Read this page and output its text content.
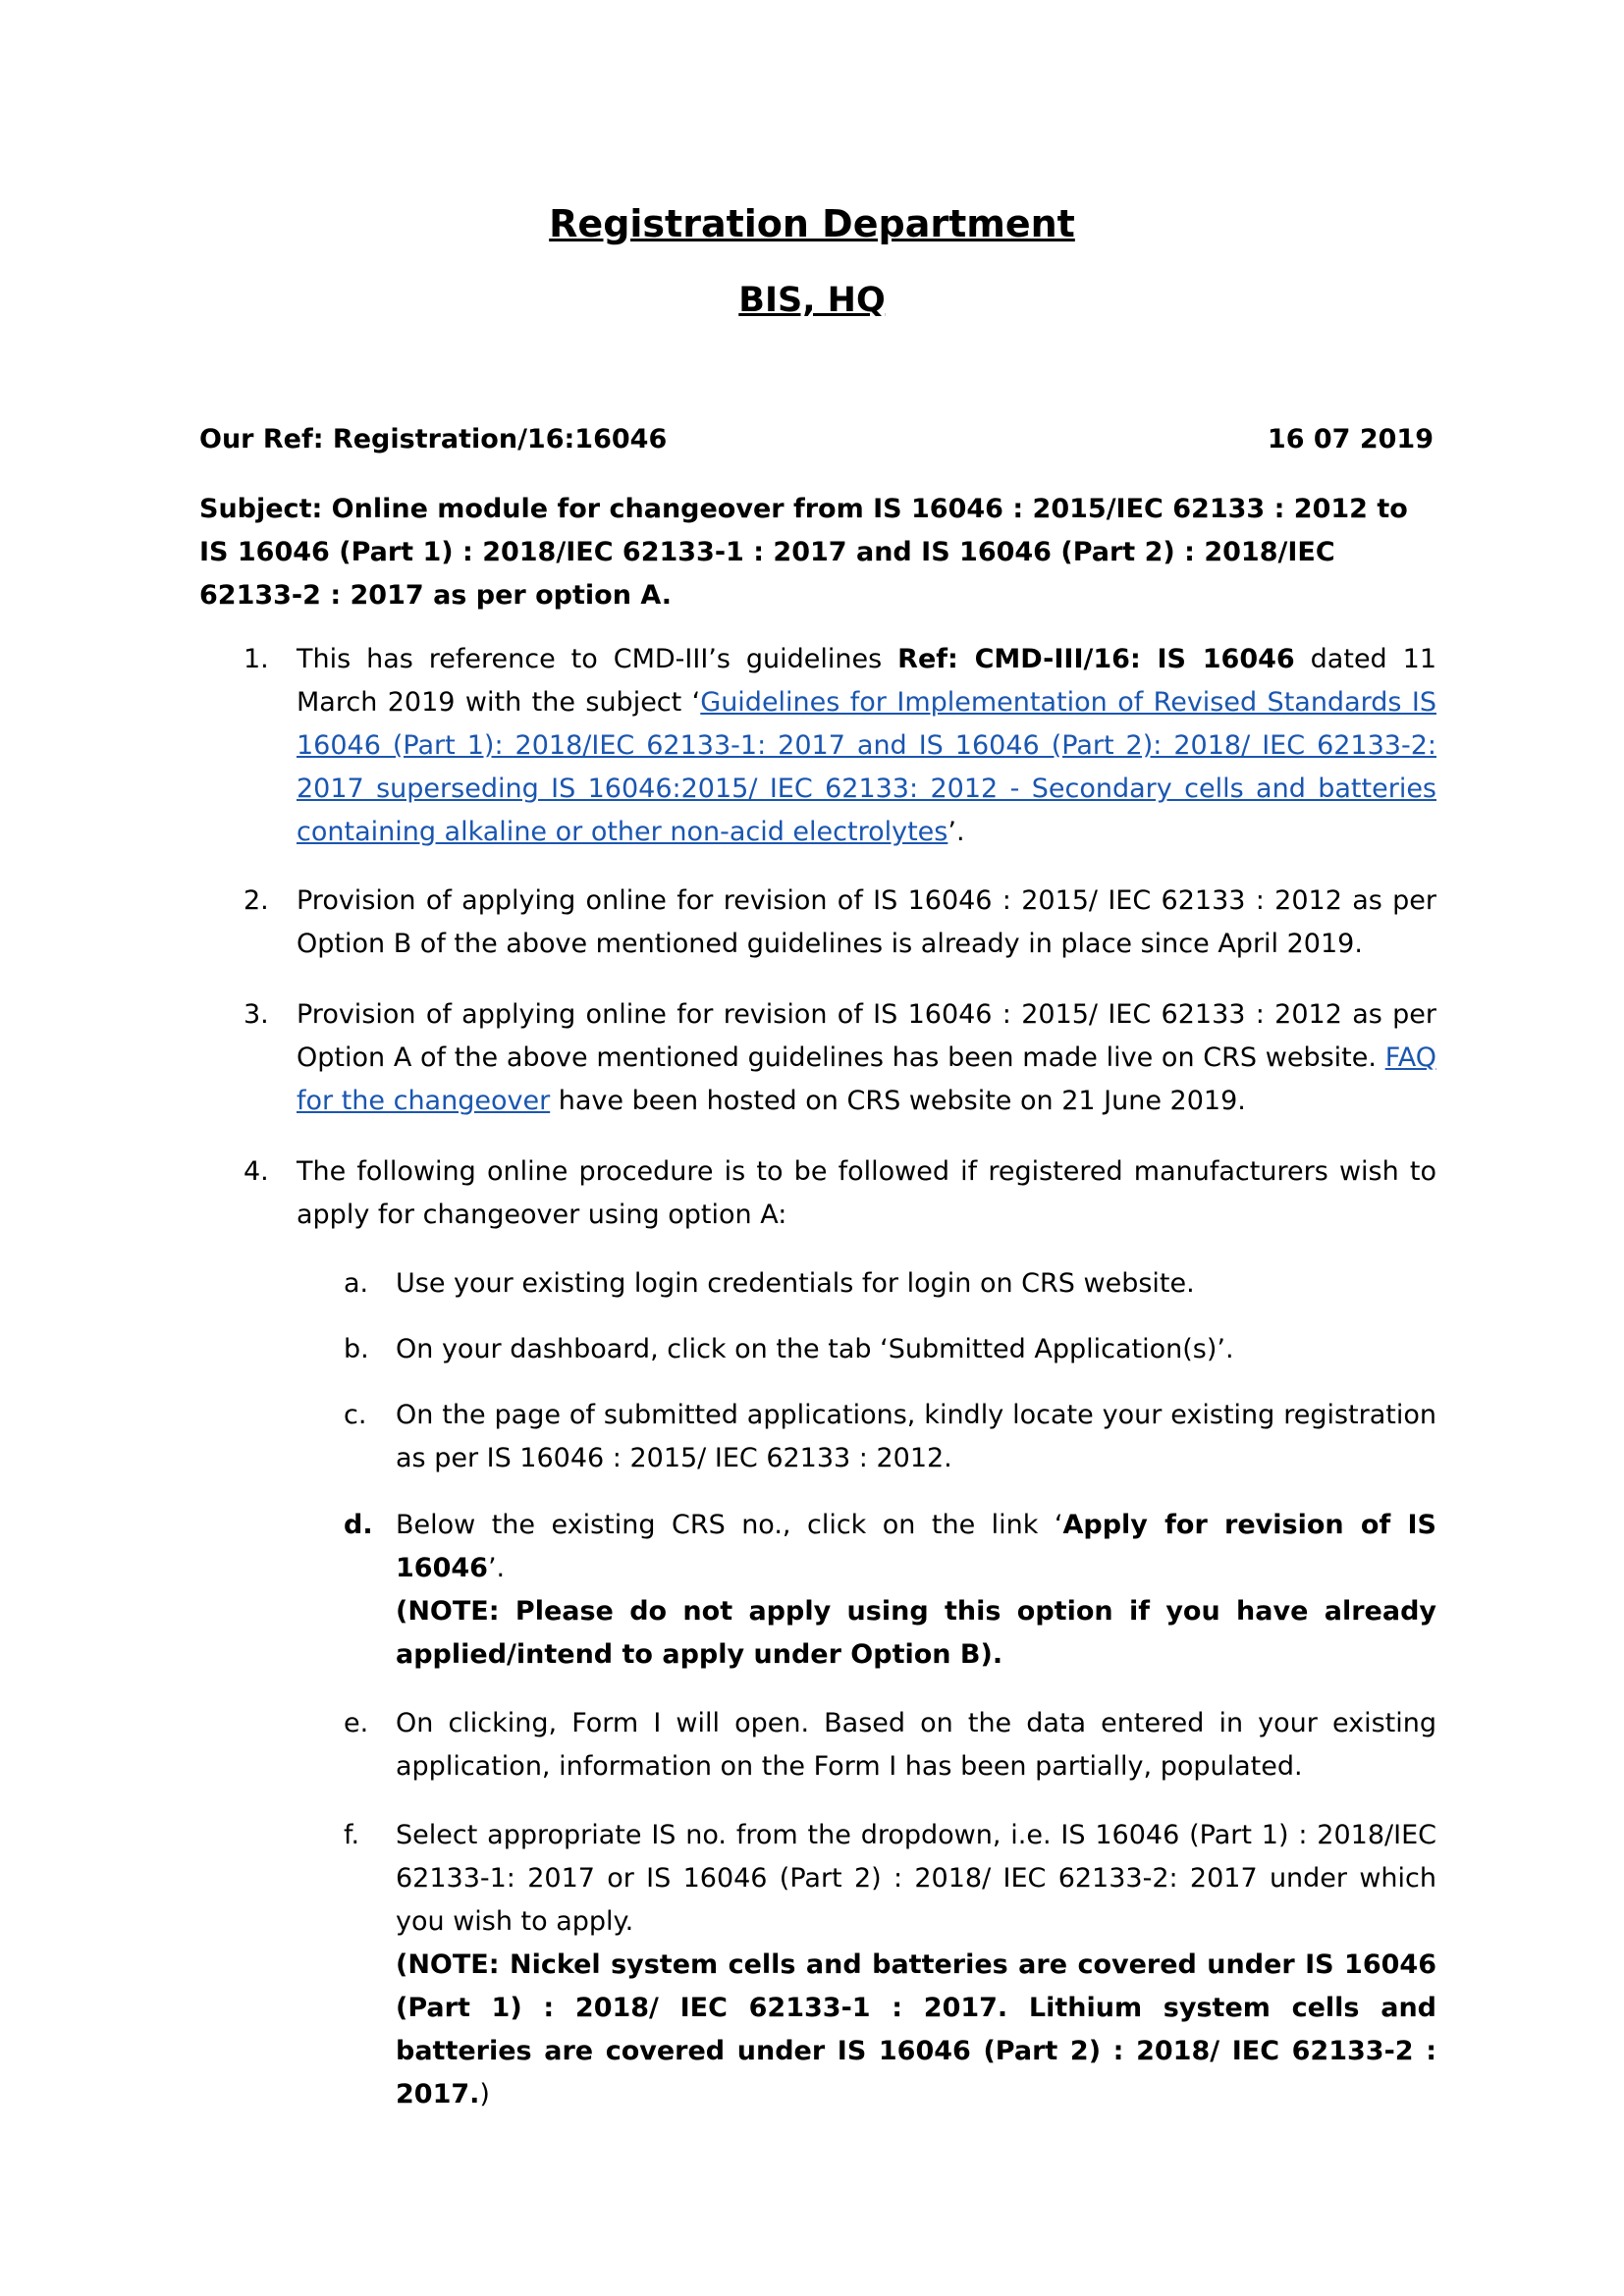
Registration Department
BIS, HQ
Our Ref: Registration/16:16046	16 07 2019
Subject: Online module for changeover from IS 16046 : 2015/IEC 62133 : 2012 to IS 16046 (Part 1) : 2018/IEC 62133-1 : 2017 and IS 16046 (Part 2) : 2018/IEC 62133-2 : 2017 as per option A.
1.	This has reference to CMD-III’s guidelines Ref: CMD-III/16: IS 16046 dated 11 March 2019 with the subject ‘Guidelines for Implementation of Revised Standards IS 16046 (Part 1): 2018/IEC 62133-1: 2017 and IS 16046 (Part 2): 2018/ IEC 62133-2: 2017 superseding IS 16046:2015/ IEC 62133: 2012 - Secondary cells and batteries containing alkaline or other non-acid electrolytes’.
2.	Provision of applying online for revision of IS 16046 : 2015/ IEC 62133 : 2012 as per Option B of the above mentioned guidelines is already in place since April 2019.
3.	Provision of applying online for revision of IS 16046 : 2015/ IEC 62133 : 2012 as per Option A of the above mentioned guidelines has been made live on CRS website. FAQ for the changeover have been hosted on CRS website on 21 June 2019.
4.	The following online procedure is to be followed if registered manufacturers wish to apply for changeover using option A:
a.	Use your existing login credentials for login on CRS website.
b.	On your dashboard, click on the tab ‘Submitted Application(s)’.
c.	On the page of submitted applications, kindly locate your existing registration as per IS 16046 : 2015/ IEC 62133 : 2012.
d. Below the existing CRS no., click on the link ‘Apply for revision of IS 16046’.
(NOTE: Please do not apply using this option if you have already applied/intend to apply under Option B).
e.	On clicking, Form I will open. Based on the data entered in your existing application, information on the Form I has been partially, populated.
f.	Select appropriate IS no. from the dropdown, i.e. IS 16046 (Part 1) : 2018/IEC 62133-1: 2017 or IS 16046 (Part 2) : 2018/ IEC 62133-2: 2017 under which you wish to apply.
(NOTE: Nickel system cells and batteries are covered under IS 16046 (Part 1) : 2018/ IEC 62133-1 : 2017. Lithium system cells and batteries are covered under IS 16046 (Part 2) : 2018/ IEC 62133-2 : 2017.)
